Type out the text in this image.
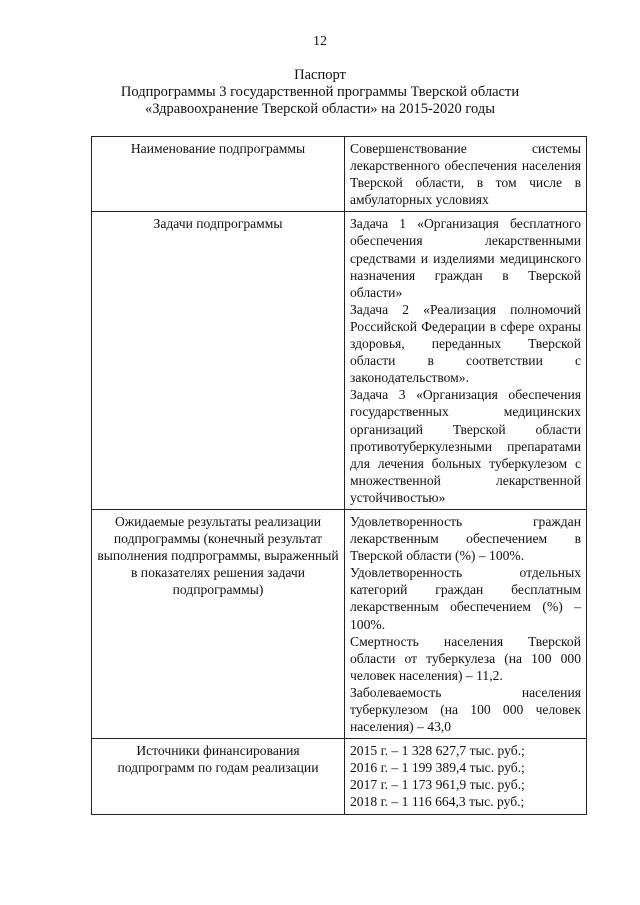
12
Паспорт
Подпрограммы 3 государственной программы Тверской области
«Здравоохранение Тверской области» на 2015-2020 годы
Наименование подпрограммы	Совершенствование системы лекарственного обеспечения населения Тверской области, в том числе в амбулаторных условиях

Задачи подпрограммы	Задача 1 «Организация бесплатного обеспечения лекарственными средствами и изделиями медицинского назначения граждан в Тверской области»
Задача 2 «Реализация полномочий Российской Федерации в сфере охраны здоровья, переданных Тверской области в соответствии с законодательством».
Задача 3 «Организация обеспечения государственных медицинских организаций Тверской области противотуберкулезными препаратами для лечения больных туберкулезом с множественной лекарственной устойчивостью»

Ожидаемые результаты реализации подпрограммы (конечный результат выполнения подпрограммы, выраженный в показателях решения задачи подпрограммы)	Удовлетворенность граждан лекарственным обеспечением в Тверской области (%) – 100%.
Удовлетворенность отдельных категорий граждан бесплатным лекарственным обеспечением (%) – 100%.
Смертность населения Тверской области от туберкулеза (на 100 000 человек населения) – 11,2.
Заболеваемость населения туберкулезом (на 100 000 человек населения) – 43,0

Источники финансирования подпрограмм по годам реализации	2015 г. – 1 328 627,7 тыс. руб.;
2016 г. – 1 199 389,4 тыс. руб.;
2017 г. – 1 173 961,9 тыс. руб.;
2018 г. – 1 116 664,3 тыс. руб.;
